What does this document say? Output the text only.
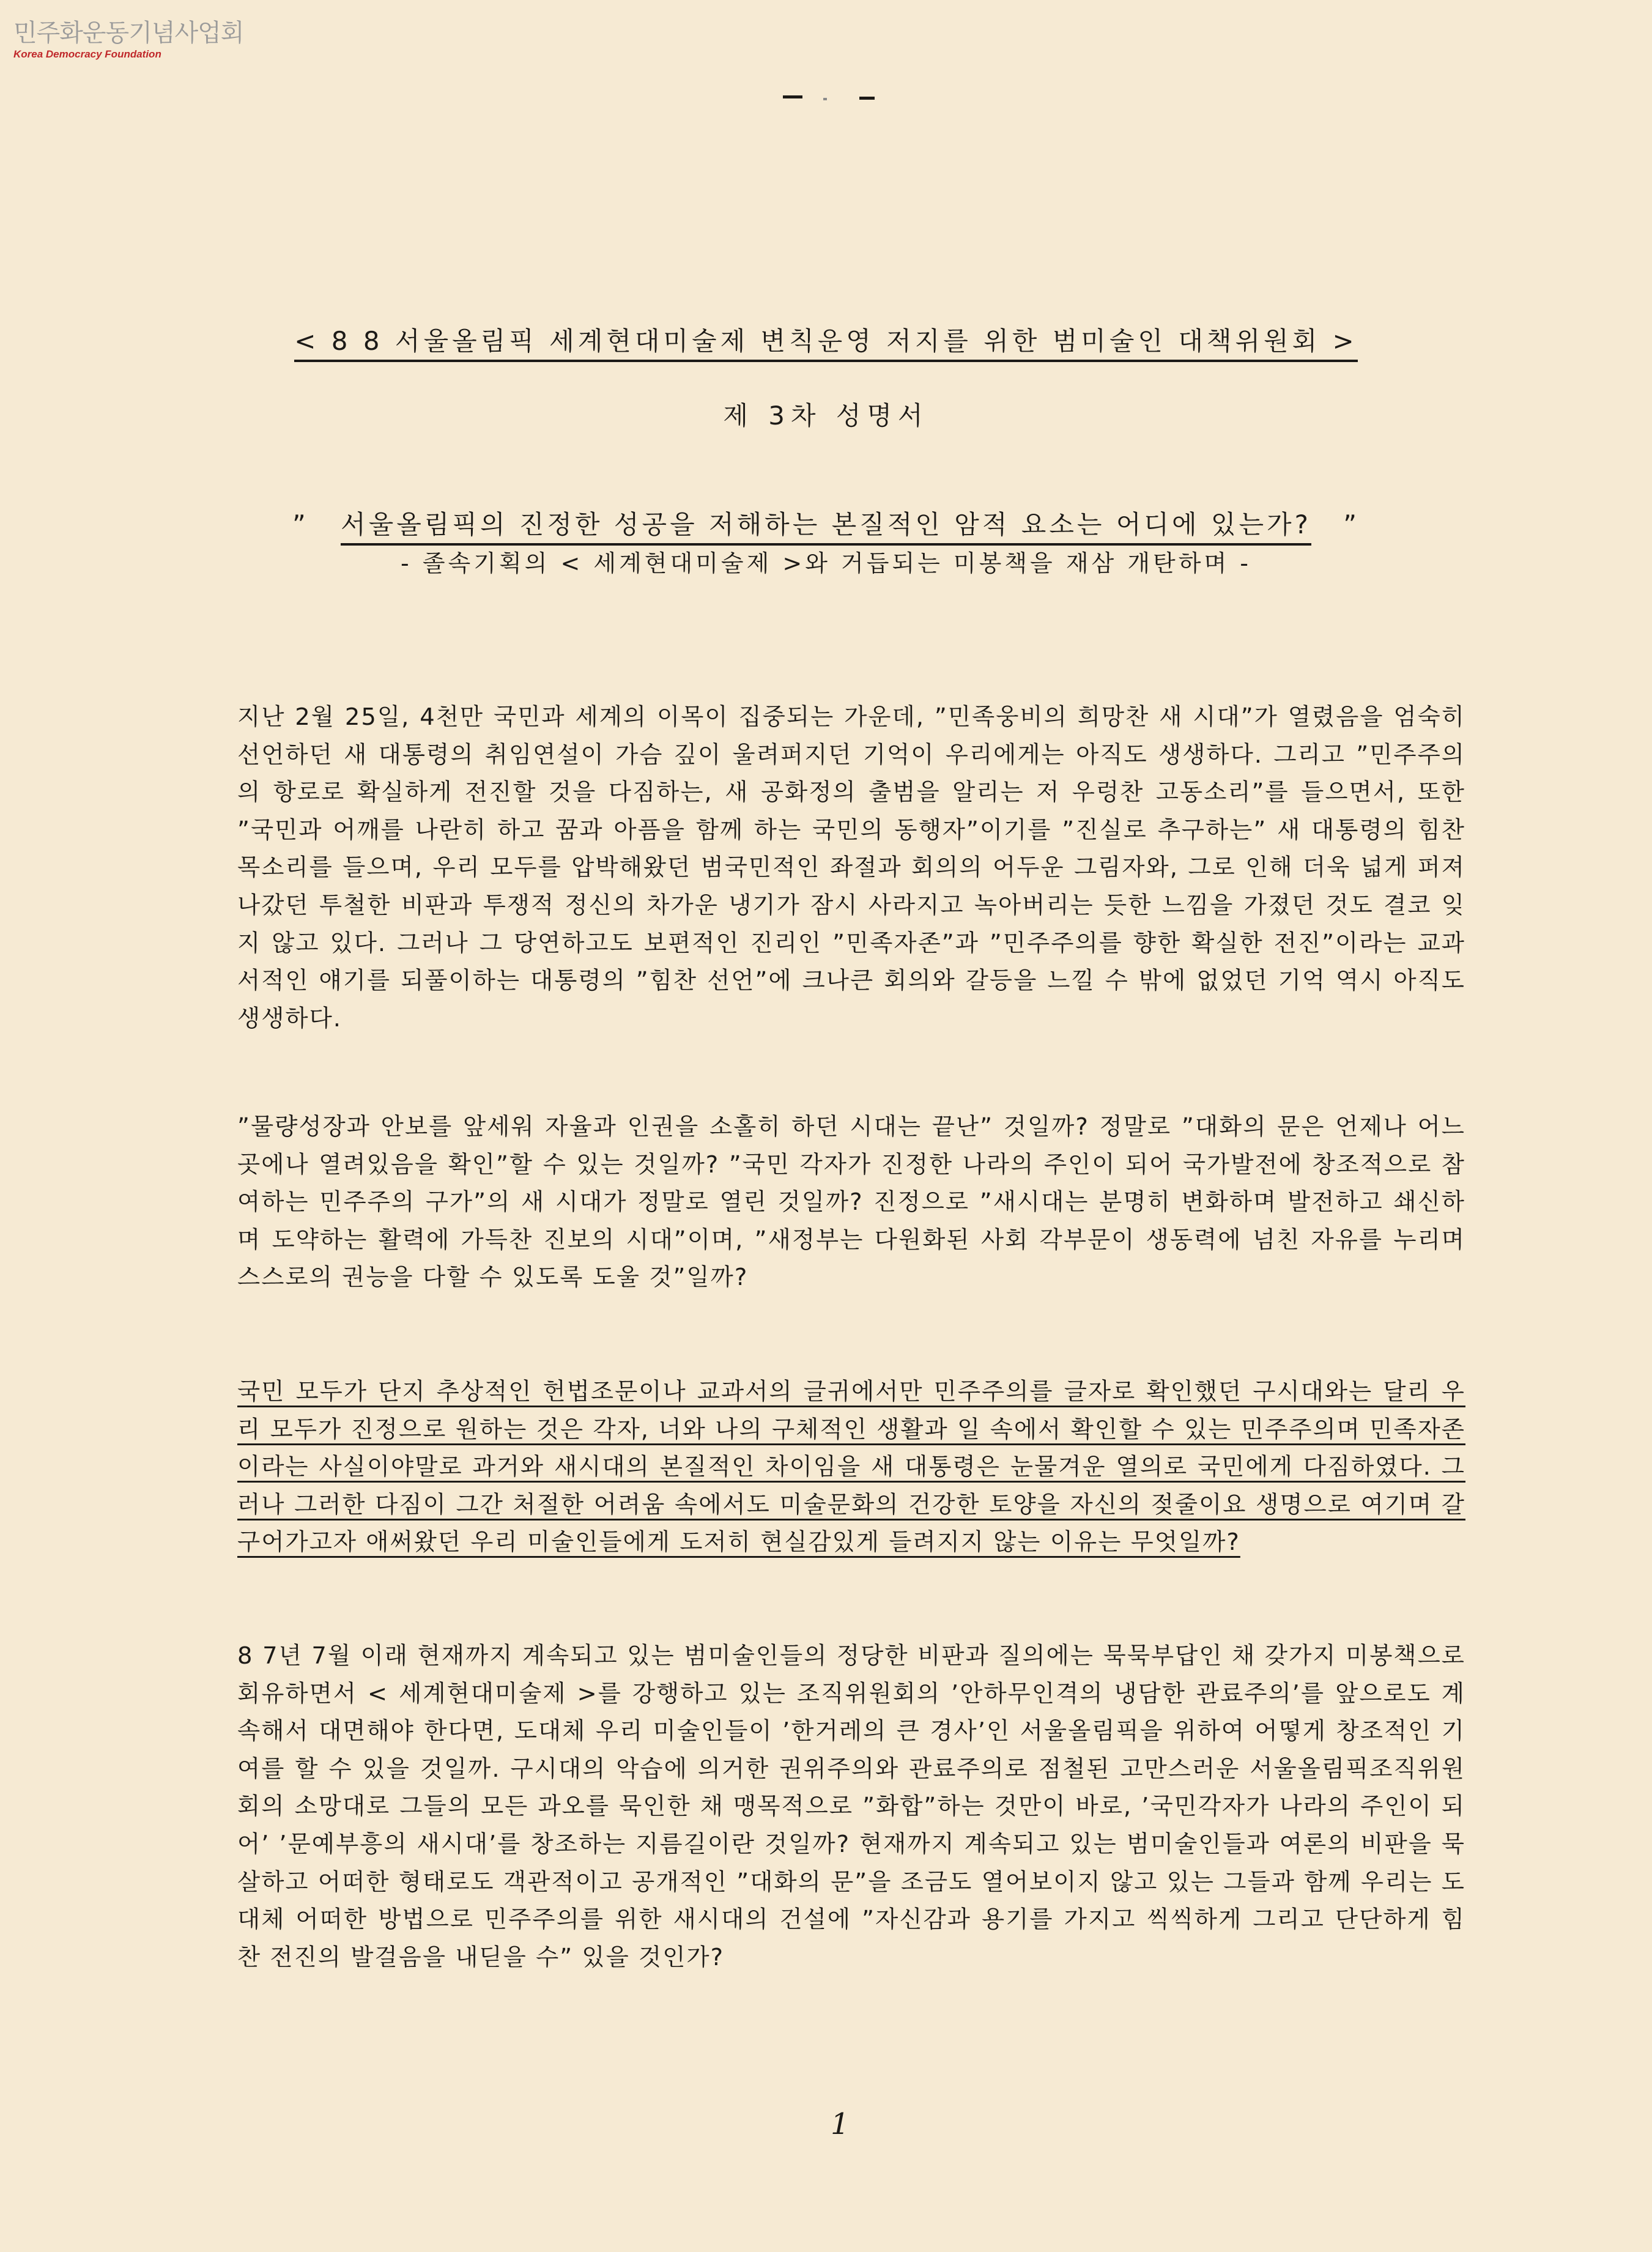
민주화운동기념사업회
Korea Democracy Foundation
< 8 8 서울올림픽 세계현대미술제 변칙운영 저지를 위한 범미술인 대책위원회 >
제 3차 성명서
” 서울올림픽의 진정한 성공을 저해하는 본질적인 암적 요소는 어디에 있는가? ”
- 졸속기획의 < 세계현대미술제 >와 거듭되는 미봉책을 재삼 개탄하며 -
지난 2월 25일, 4천만 국민과 세계의 이목이 집중되는 가운데, ”민족웅비의 희망찬 새 시대”가 열렸음을 엄숙히 선언하던 새 대통령의 취임연설이 가슴 깊이 울려퍼지던 기억이 우리에게는 아직도 생생하다. 그리고 ”민주주의의 항로로 확실하게 전진할 것을 다짐하는, 새 공화정의 출범을 알리는 저 우렁찬 고동소리”를 들으면서, 또한 ”국민과 어깨를 나란히 하고 꿈과 아픔을 함께 하는 국민의 동행자”이기를 ”진실로 추구하는” 새 대통령의 힘찬 목소리를 들으며, 우리 모두를 압박해왔던 범국민적인 좌절과 회의의 어두운 그림자와, 그로 인해 더욱 넓게 퍼져나갔던 투철한 비판과 투쟁적 정신의 차가운 냉기가 잠시 사라지고 녹아버리는 듯한 느낌을 가졌던 것도 결코 잊지 않고 있다. 그러나 그 당연하고도 보편적인 진리인 ”민족자존”과 ”민주주의를 향한 확실한 전진”이라는 교과서적인 얘기를 되풀이하는 대통령의 ”힘찬 선언”에 크나큰 회의와 갈등을 느낄 수 밖에 없었던 기억 역시 아직도 생생하다.
”물량성장과 안보를 앞세워 자율과 인권을 소홀히 하던 시대는 끝난” 것일까? 정말로 ”대화의 문은 언제나 어느곳에나 열려있음을 확인”할 수 있는 것일까? ”국민 각자가 진정한 나라의 주인이 되어 국가발전에 창조적으로 참여하는 민주주의 구가”의 새 시대가 정말로 열린 것일까? 진정으로 ”새시대는 분명히 변화하며 발전하고 쇄신하며 도약하는 활력에 가득찬 진보의 시대”이며, ”새정부는 다원화된 사회 각부문이 생동력에 넘친 자유를 누리며 스스로의 권능을 다할 수 있도록 도울 것”일까?
국민 모두가 단지 추상적인 헌법조문이나 교과서의 글귀에서만 민주주의를 글자로 확인했던 구시대와는 달리 우리 모두가 진정으로 원하는 것은 각자, 너와 나의 구체적인 생활과 일 속에서 확인할 수 있는 민주주의며 민족자존이라는 사실이야말로 과거와 새시대의 본질적인 차이임을 새 대통령은 눈물겨운 열의로 국민에게 다짐하였다. 그러나 그러한 다짐이 그간 처절한 어려움 속에서도 미술문화의 건강한 토양을 자신의 젖줄이요 생명으로 여기며 갈구어가고자 애써왔던 우리 미술인들에게 도저히 현실감있게 들려지지 않는 이유는 무엇일까?
8 7년 7월 이래 현재까지 계속되고 있는 범미술인들의 정당한 비판과 질의에는 묵묵부답인 채 갖가지 미봉책으로 회유하면서 < 세계현대미술제 >를 강행하고 있는 조직위원회의 ’안하무인격의 냉담한 관료주의’를 앞으로도 계속해서 대면해야 한다면, 도대체 우리 미술인들이 ’한거레의 큰 경사’인 서울올림픽을 위하여 어떻게 창조적인 기여를 할 수 있을 것일까. 구시대의 악습에 의거한 권위주의와 관료주의로 점철된 고만스러운 서울올림픽조직위원회의 소망대로 그들의 모든 과오를 묵인한 채 맹목적으로 ”화합”하는 것만이 바로, ’국민각자가 나라의 주인이 되어’ ’문예부흥의 새시대’를 창조하는 지름길이란 것일까? 현재까지 계속되고 있는 범미술인들과 여론의 비판을 묵살하고 어떠한 형태로도 객관적이고 공개적인 ”대화의 문”을 조금도 열어보이지 않고 있는 그들과 함께 우리는 도대체 어떠한 방법으로 민주주의를 위한 새시대의 건설에 ”자신감과 용기를 가지고 씩씩하게 그리고 단단하게 힘찬 전진의 발걸음을 내딛을 수” 있을 것인가?
1
